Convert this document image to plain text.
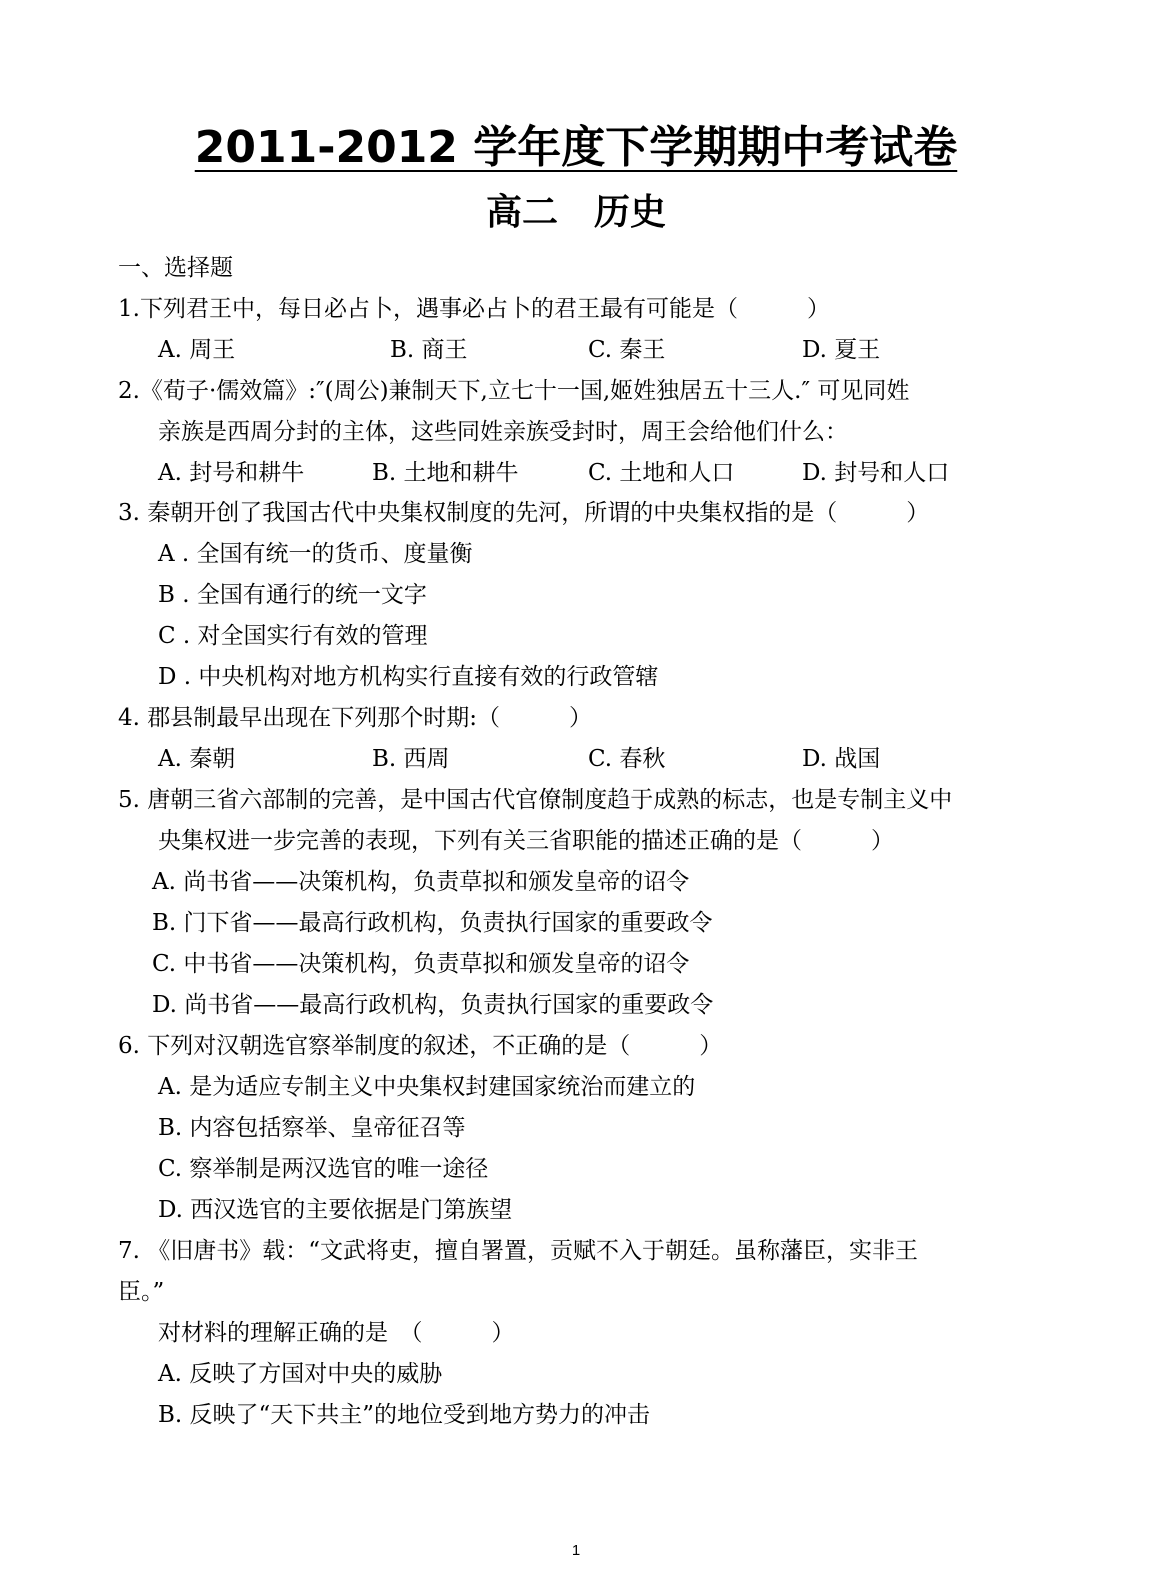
2011-2012 学年度下学期期中考试卷
高二　历史
一、选择题
1.下列君王中，每日必占卜，遇事必占卜的君王最有可能是（　　　）
A. 周王	B. 商王	C. 秦王	D. 夏王
2.《荀子·儒效篇》:″(周公)兼制天下,立七十一国,姬姓独居五十三人.″ 可见同姓
亲族是西周分封的主体，这些同姓亲族受封时，周王会给他们什么：
A. 封号和耕牛	B. 土地和耕牛	C. 土地和人口	D. 封号和人口
3. 秦朝开创了我国古代中央集权制度的先河，所谓的中央集权指的是（　　　）
A . 全国有统一的货币、度量衡
B . 全国有通行的统一文字
C . 对全国实行有效的管理
D . 中央机构对地方机构实行直接有效的行政管辖
4. 郡县制最早出现在下列那个时期:（　　　）
A. 秦朝	B. 西周	C. 春秋	D. 战国
5. 唐朝三省六部制的完善，是中国古代官僚制度趋于成熟的标志，也是专制主义中
央集权进一步完善的表现，下列有关三省职能的描述正确的是（　　　）
A. 尚书省——决策机构，负责草拟和颁发皇帝的诏令
B. 门下省——最高行政机构，负责执行国家的重要政令
C. 中书省——决策机构，负责草拟和颁发皇帝的诏令
D. 尚书省——最高行政机构，负责执行国家的重要政令
6. 下列对汉朝选官察举制度的叙述，不正确的是（　　　）
A. 是为适应专制主义中央集权封建国家统治而建立的
B. 内容包括察举、皇帝征召等
C. 察举制是两汉选官的唯一途径
D. 西汉选官的主要依据是门第族望
7. 《旧唐书》载：“文武将吏，擅自署置，贡赋不入于朝廷。虽称藩臣，实非王
臣。”
对材料的理解正确的是　（　　　）
A. 反映了方国对中央的威胁
B. 反映了“天下共主”的地位受到地方势力的冲击
1
